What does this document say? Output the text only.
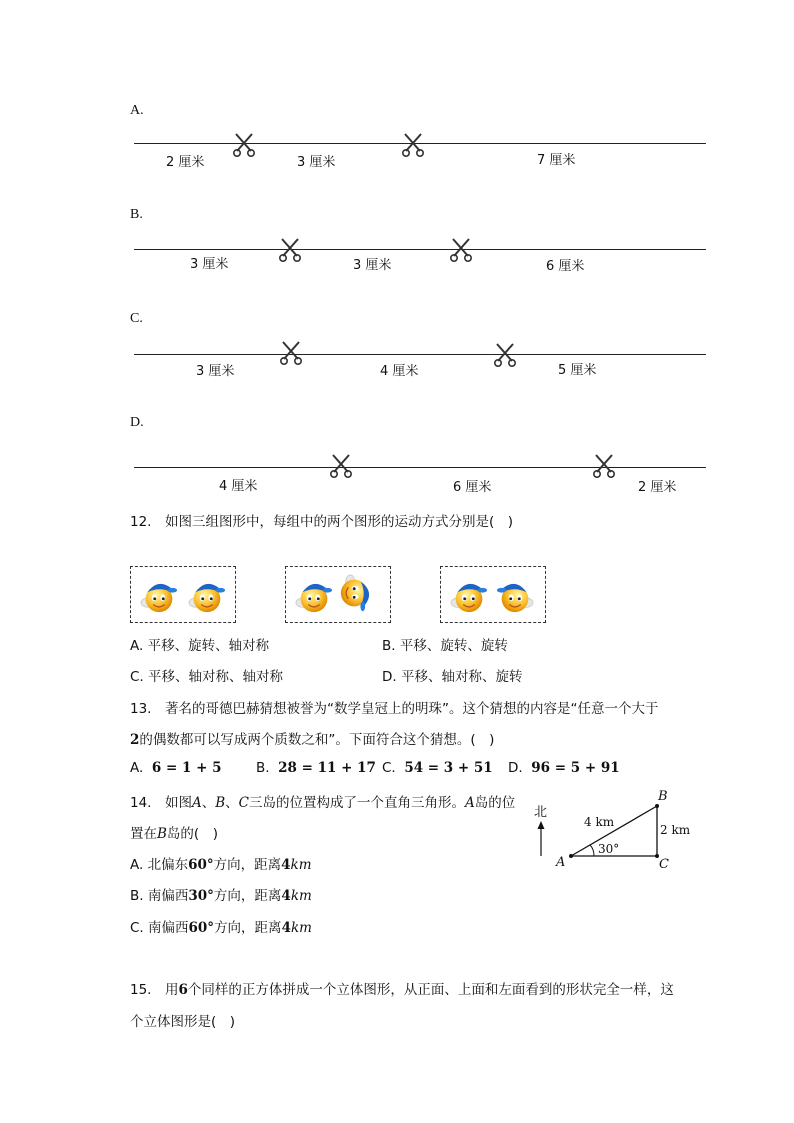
A.
2 厘米	3 厘米	7 厘米
B.
3 厘米	3 厘米	6 厘米
C.
3 厘米	4 厘米	5 厘米
D.
4 厘米	6 厘米	2 厘米
12.　如图三组图形中，每组中的两个图形的运动方式分别是(　)
A. 平移、旋转、轴对称	B. 平移、旋转、旋转
C. 平移、轴对称、轴对称	D. 平移、轴对称、旋转
13.　著名的哥德巴赫猜想被誉为“数学皇冠上的明珠”。这个猜想的内容是“任意一个大于
2的偶数都可以写成两个质数之和”。下面符合这个猜想。(　)
A. 6 = 1 + 5	B. 28 = 11 + 17 C. 54 = 3 + 51 D. 96 = 5 + 91
14.　如图A、B、C三岛的位置构成了一个直角三角形。A岛的位
置在B岛的(　)
A. 北偏东60°方向，距离4km
B. 南偏西30°方向，距离4km
C. 南偏西60°方向，距离4km
北
A
B
C
4 km
2 km
30°
15.　用6个同样的正方体拼成一个立体图形，从正面、上面和左面看到的形状完全一样，这
个立体图形是(　)
